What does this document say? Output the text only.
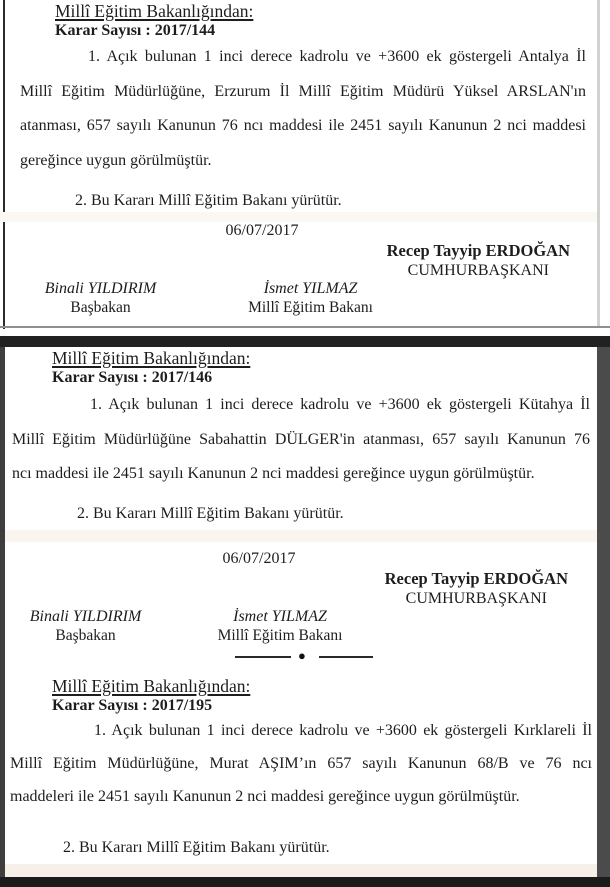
Millî Eğitim Bakanlığından:
Karar Sayısı : 2017/144
1. Açık bulunan 1 inci derece kadrolu ve +3600 ek göstergeli Antalya İl
Millî Eğitim Müdürlüğüne, Erzurum İl Millî Eğitim Müdürü Yüksel ARSLAN'ın
atanması, 657 sayılı Kanunun 76 ncı maddesi ile 2451 sayılı Kanunun 2 nci maddesi
gereğince uygun görülmüştür.
2. Bu Kararı Millî Eğitim Bakanı yürütür.
06/07/2017
Recep Tayyip ERDOĞAN
CUMHURBAŞKANI
Binali YILDIRIM
Başbakan
İsmet YILMAZ
Millî Eğitim Bakanı
Millî Eğitim Bakanlığından:
Karar Sayısı : 2017/146
1. Açık bulunan 1 inci derece kadrolu ve +3600 ek göstergeli Kütahya İl
Millî Eğitim Müdürlüğüne Sabahattin DÜLGER'in atanması, 657 sayılı Kanunun 76
ncı maddesi ile 2451 sayılı Kanunun 2 nci maddesi gereğince uygun görülmüştür.
2. Bu Kararı Millî Eğitim Bakanı yürütür.
06/07/2017
Recep Tayyip ERDOĞAN
CUMHURBAŞKANI
Binali YILDIRIM
Başbakan
İsmet YILMAZ
Millî Eğitim Bakanı
●
Millî Eğitim Bakanlığından:
Karar Sayısı : 2017/195
1. Açık bulunan 1 inci derece kadrolu ve +3600 ek göstergeli Kırklareli İl
Millî Eğitim Müdürlüğüne, Murat AŞIM’ın 657 sayılı Kanunun 68/B ve 76 ncı
maddeleri ile 2451 sayılı Kanunun 2 nci maddesi gereğince uygun görülmüştür.
2. Bu Kararı Millî Eğitim Bakanı yürütür.
